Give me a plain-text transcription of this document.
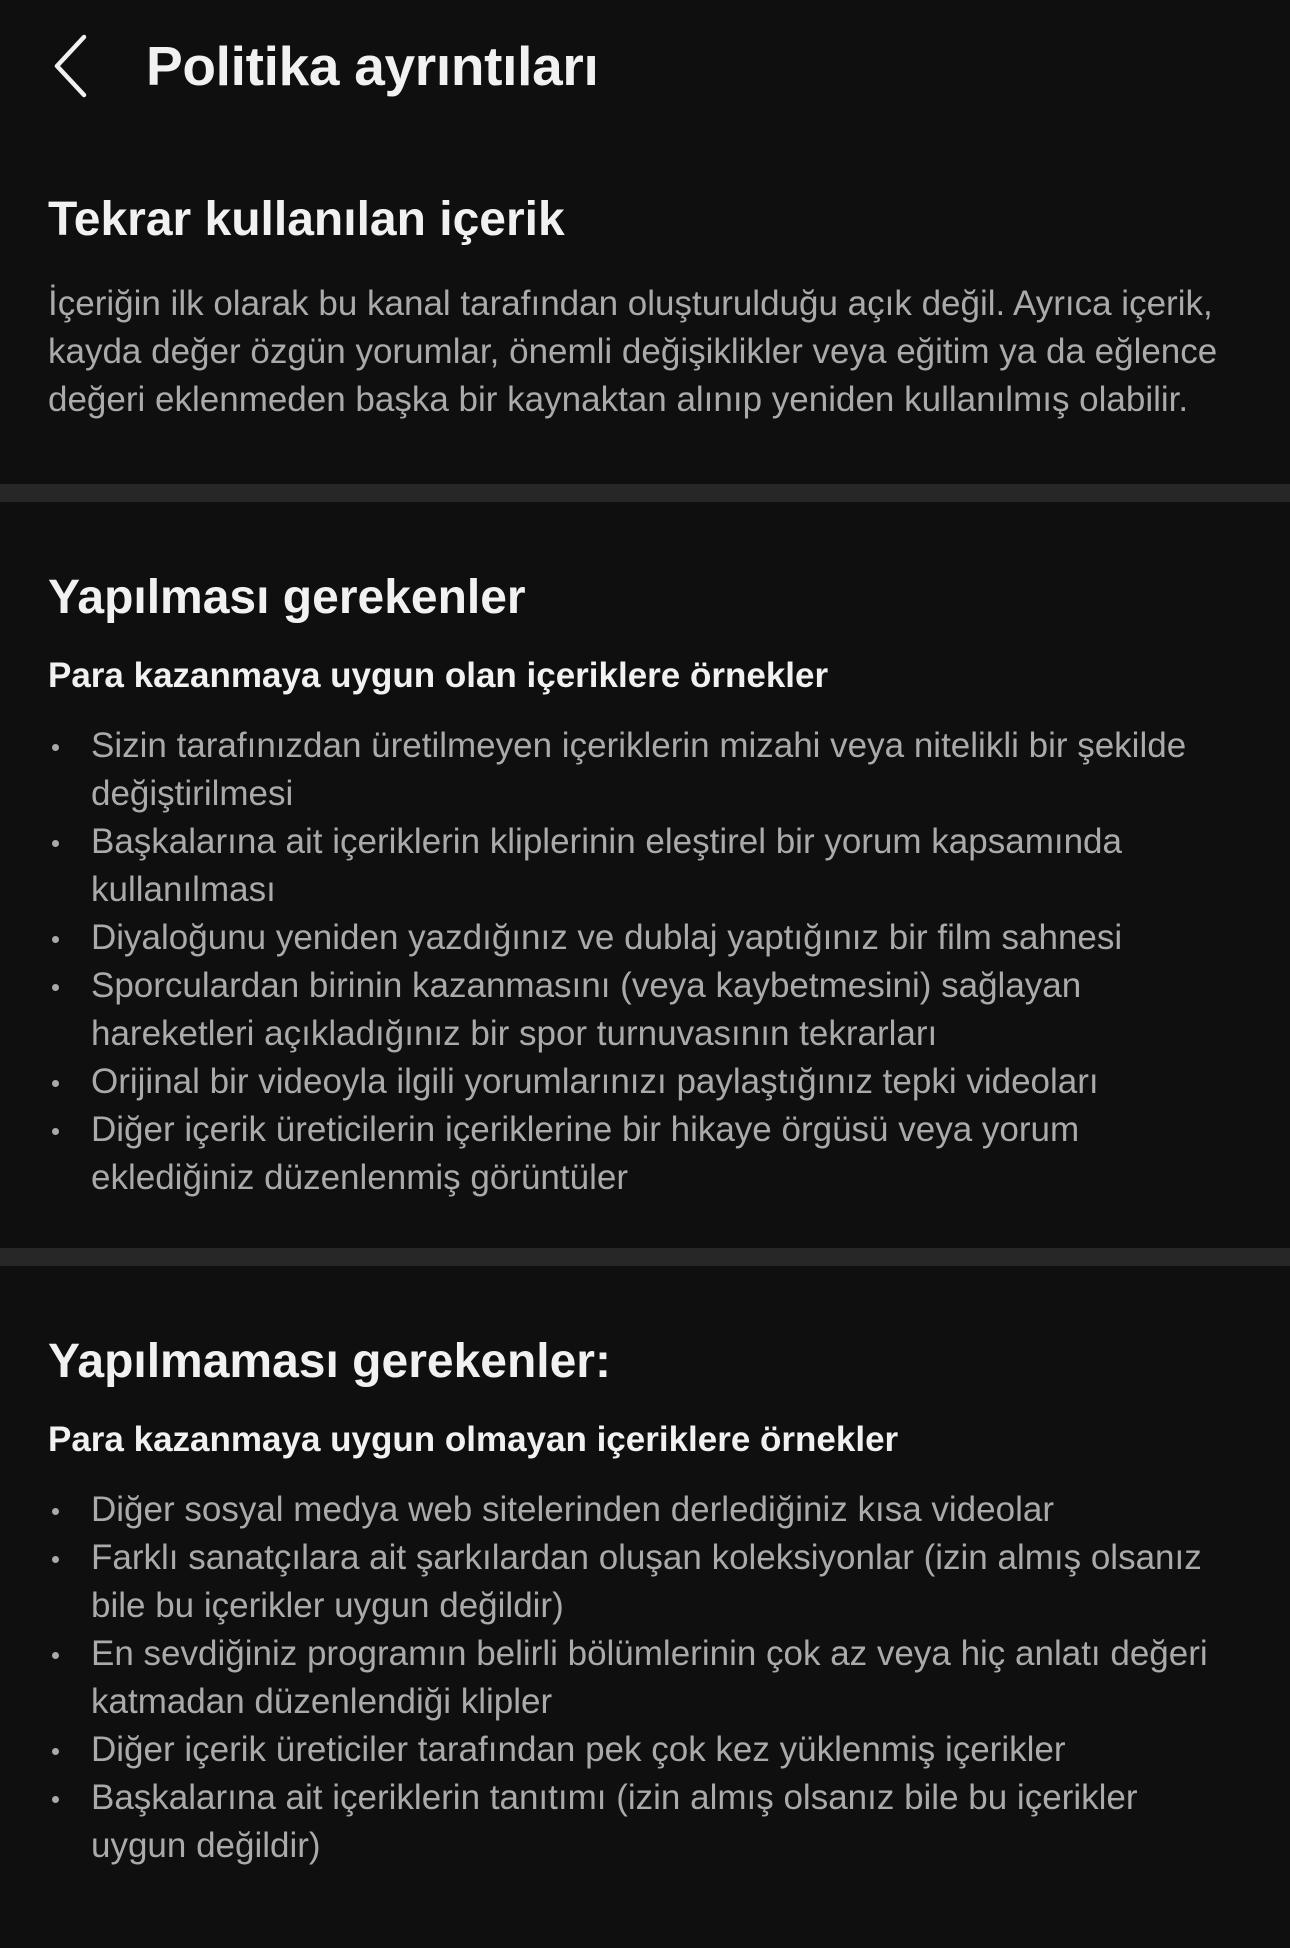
Politika ayrıntıları
Tekrar kullanılan içerik
İçeriğin ilk olarak bu kanal tarafından oluşturulduğu açık değil. Ayrıca içerik, kayda değer özgün yorumlar, önemli değişiklikler veya eğitim ya da eğlence değeri eklenmeden başka bir kaynaktan alınıp yeniden kullanılmış olabilir.
Yapılması gerekenler
Para kazanmaya uygun olan içeriklere örnekler
Sizin tarafınızdan üretilmeyen içeriklerin mizahi veya nitelikli bir şekilde değiştirilmesi
Başkalarına ait içeriklerin kliplerinin eleştirel bir yorum kapsamında kullanılması
Diyaloğunu yeniden yazdığınız ve dublaj yaptığınız bir film sahnesi
Sporculardan birinin kazanmasını (veya kaybetmesini) sağlayan hareketleri açıkladığınız bir spor turnuvasının tekrarları
Orijinal bir videoyla ilgili yorumlarınızı paylaştığınız tepki videoları
Diğer içerik üreticilerin içeriklerine bir hikaye örgüsü veya yorum eklediğiniz düzenlenmiş görüntüler
Yapılmaması gerekenler:
Para kazanmaya uygun olmayan içeriklere örnekler
Diğer sosyal medya web sitelerinden derlediğiniz kısa videolar
Farklı sanatçılara ait şarkılardan oluşan koleksiyonlar (izin almış olsanız bile bu içerikler uygun değildir)
En sevdiğiniz programın belirli bölümlerinin çok az veya hiç anlatı değeri katmadan düzenlendiği klipler
Diğer içerik üreticiler tarafından pek çok kez yüklenmiş içerikler
Başkalarına ait içeriklerin tanıtımı (izin almış olsanız bile bu içerikler uygun değildir)
